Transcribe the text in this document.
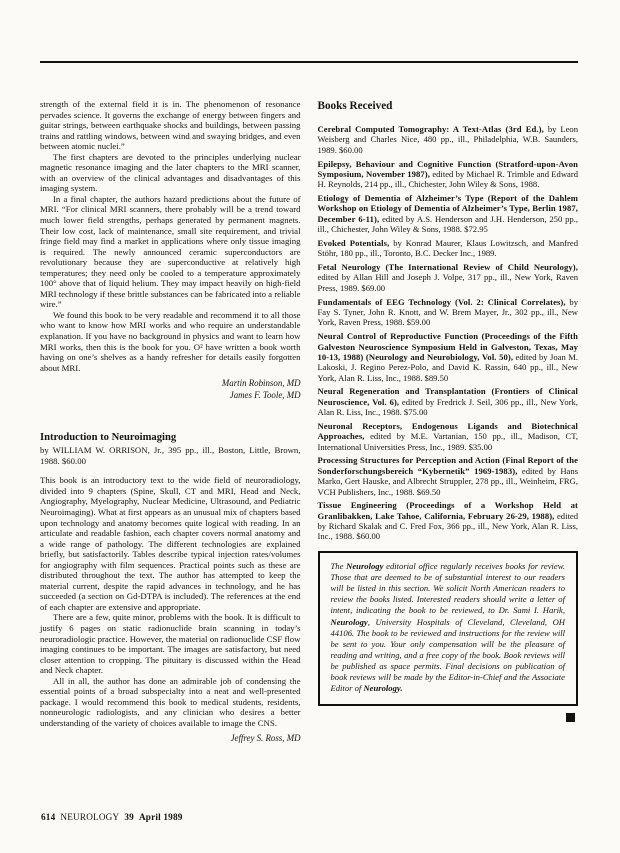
strength of the external field it is in. The phenomenon of resonance pervades science. It governs the exchange of energy between fingers and guitar strings, between earthquake shocks and buildings, between passing trains and rattling windows, between wind and swaying bridges, and even between atomic nuclei.”

The first chapters are devoted to the principles underlying nuclear magnetic resonance imaging and the later chapters to the MRI scanner, with an overview of the clinical advantages and disadvantages of this imaging system.

In a final chapter, the authors hazard predictions about the future of MRI. “For clinical MRI scanners, there probably will be a trend toward much lower field strengths, perhaps generated by permanent magnets. Their low cost, lack of maintenance, small site requirement, and trivial fringe field may find a market in applications where only tissue imaging is required. The newly announced ceramic superconductors are revolutionary because they are superconductive at relatively high temperatures; they need only be cooled to a temperature approximately 100° above that of liquid helium. They may impact heavily on high-field MRI technology if these brittle substances can be fabricated into a reliable wire.”

We found this book to be very readable and recommend it to all those who want to know how MRI works and who require an understandable explanation. If you have no background in physics and want to learn how MRI works, then this is the book for you. O² have written a book worth having on one’s shelves as a handy refresher for details easily forgotten about MRI.

Martin Robinson, MD
James F. Toole, MD
Introduction to Neuroimaging

by WILLIAM W. ORRISON, Jr., 395 pp., ill., Boston, Little, Brown, 1988. $60.00

This book is an introductory text to the wide field of neuroradiology, divided into 9 chapters (Spine, Skull, CT and MRI, Head and Neck, Angiography, Myelography, Nuclear Medicine, Ultrasound, and Pediatric Neuroimaging). What at first appears as an unusual mix of chapters based upon technology and anatomy becomes quite logical with reading. In an articulate and readable fashion, each chapter covers normal anatomy and a wide range of pathology. The different technologies are explained briefly, but satisfactorily. Tables describe typical injection rates/volumes for angiography with film sequences. Practical points such as these are distributed throughout the text. The author has attempted to keep the material current, despite the rapid advances in technology, and he has succeeded (a section on Gd-DTPA is included). The references at the end of each chapter are extensive and appropriate.

There are a few, quite minor, problems with the book. It is difficult to justify 6 pages on static radionuclide brain scanning in today’s neuroradiologic practice. However, the material on radionuclide CSF flow imaging continues to be important. The images are satisfactory, but need closer attention to cropping. The pituitary is discussed within the Head and Neck chapter.

All in all, the author has done an admirable job of condensing the essential points of a broad subspecialty into a neat and well-presented package. I would recommend this book to medical students, residents, nonneurologic radiologists, and any clinician who desires a better understanding of the variety of choices available to image the CNS.

Jeffrey S. Ross, MD
Books Received

Cerebral Computed Tomography: A Text-Atlas (3rd Ed.), by Leon Weisberg and Charles Nice, 480 pp., ill., Philadelphia, W.B. Saunders, 1989. $60.00

Epilepsy, Behaviour and Cognitive Function (Stratford-upon-Avon Symposium, November 1987), edited by Michael R. Trimble and Edward H. Reynolds, 214 pp., ill., Chichester, John Wiley & Sons, 1988.

Etiology of Dementia of Alzheimer’s Type (Report of the Dahlem Workshop on Etiology of Dementia of Alzheimer’s Type, Berlin 1987, December 6-11), edited by A.S. Henderson and J.H. Henderson, 250 pp., ill., Chichester, John Wiley & Sons, 1988. $72.95

Evoked Potentials, by Konrad Maurer, Klaus Lowitzsch, and Manfred Stöhr, 180 pp., ill., Toronto, B.C. Decker Inc., 1989.

Fetal Neurology (The International Review of Child Neurology), edited by Allan Hill and Joseph J. Volpe, 317 pp., ill., New York, Raven Press, 1989. $69.00

Fundamentals of EEG Technology (Vol. 2: Clinical Correlates), by Fay S. Tyner, John R. Knott, and W. Brem Mayer, Jr., 302 pp., ill., New York, Raven Press, 1988. $59.00

Neural Control of Reproductive Function (Proceedings of the Fifth Galveston Neuroscience Symposium Held in Galveston, Texas, May 10-13, 1988) (Neurology and Neurobiology, Vol. 50), edited by Joan M. Lakoski, J. Regino Perez-Polo, and David K. Rassin, 640 pp., ill., New York, Alan R. Liss, Inc., 1988. $89.50

Neural Regeneration and Transplantation (Frontiers of Clinical Neuroscience, Vol. 6), edited by Fredrick J. Seil, 306 pp., ill., New York, Alan R. Liss, Inc., 1988. $75.00

Neuronal Receptors, Endogenous Ligands and Biotechnical Approaches, edited by M.E. Vartanian, 150 pp., ill., Madison, CT, International Universities Press, Inc., 1989. $35.00

Processing Structures for Perception and Action (Final Report of the Sonderforschungsbereich “Kybernetik” 1969-1983), edited by Hans Marko, Gert Hauske, and Albrecht Struppler, 278 pp., ill., Weinheim, FRG, VCH Publishers, Inc., 1988. $69.50

Tissue Engineering (Proceedings of a Workshop Held at Granlibakken, Lake Tahoe, California, February 26-29, 1988), edited by Richard Skalak and C. Fred Fox, 366 pp., ill., New York, Alan R. Liss, Inc., 1988. $60.00

The Neurology editorial office regularly receives books for review. Those that are deemed to be of substantial interest to our readers will be listed in this section. We solicit North American readers to review the books listed. Interested readers should write a letter of intent, indicating the book to be reviewed, to Dr. Sami I. Harik, Neurology, University Hospitals of Cleveland, Cleveland, OH 44106. The book to be reviewed and instructions for the review will be sent to you. Your only compensation will be the pleasure of reading and writing, and a free copy of the book. Book reviews will be published as space permits. Final decisions on publication of book reviews will be made by the Editor-in-Chief and the Associate Editor of Neurology.

614 NEUROLOGY 39 April 1989
